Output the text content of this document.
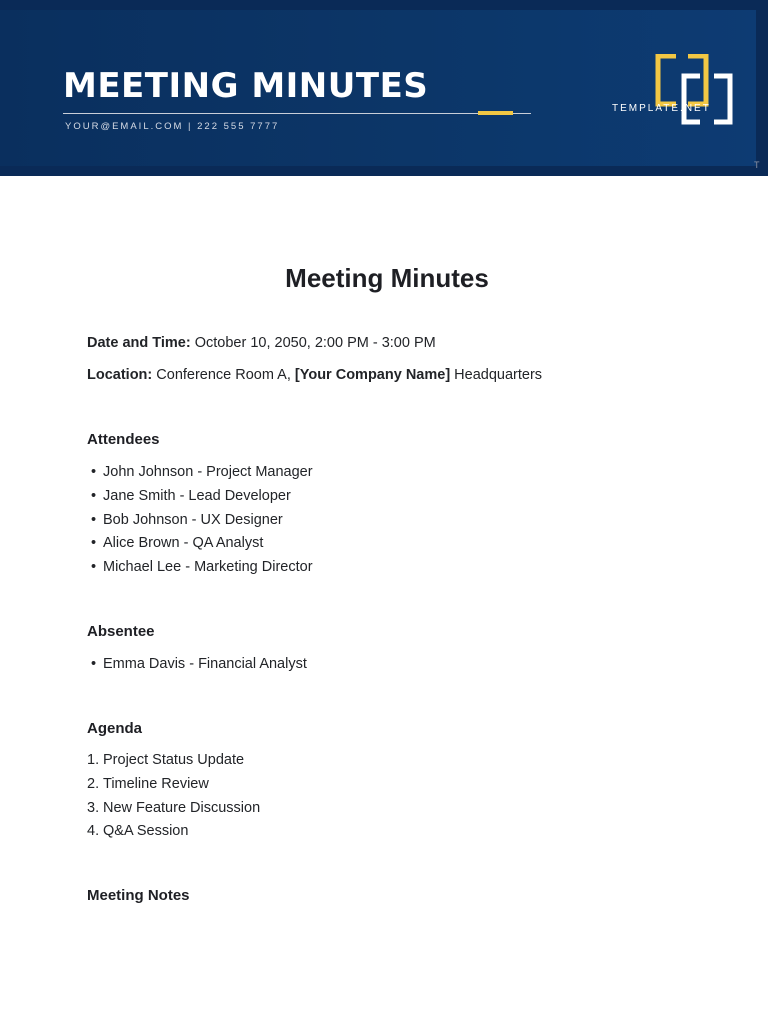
MEETING MINUTES
YOUR@EMAIL.COM | 222 555 7777
TEMPLATE.NET
T
Meeting Minutes
Date and Time: October 10, 2050, 2:00 PM - 3:00 PM
Location: Conference Room A, [Your Company Name] Headquarters
Attendees
• John Johnson - Project Manager
• Jane Smith - Lead Developer
• Bob Johnson - UX Designer
• Alice Brown - QA Analyst
• Michael Lee - Marketing Director
Absentee
• Emma Davis - Financial Analyst
Agenda
1. Project Status Update
2. Timeline Review
3. New Feature Discussion
4. Q&A Session
Meeting Notes
